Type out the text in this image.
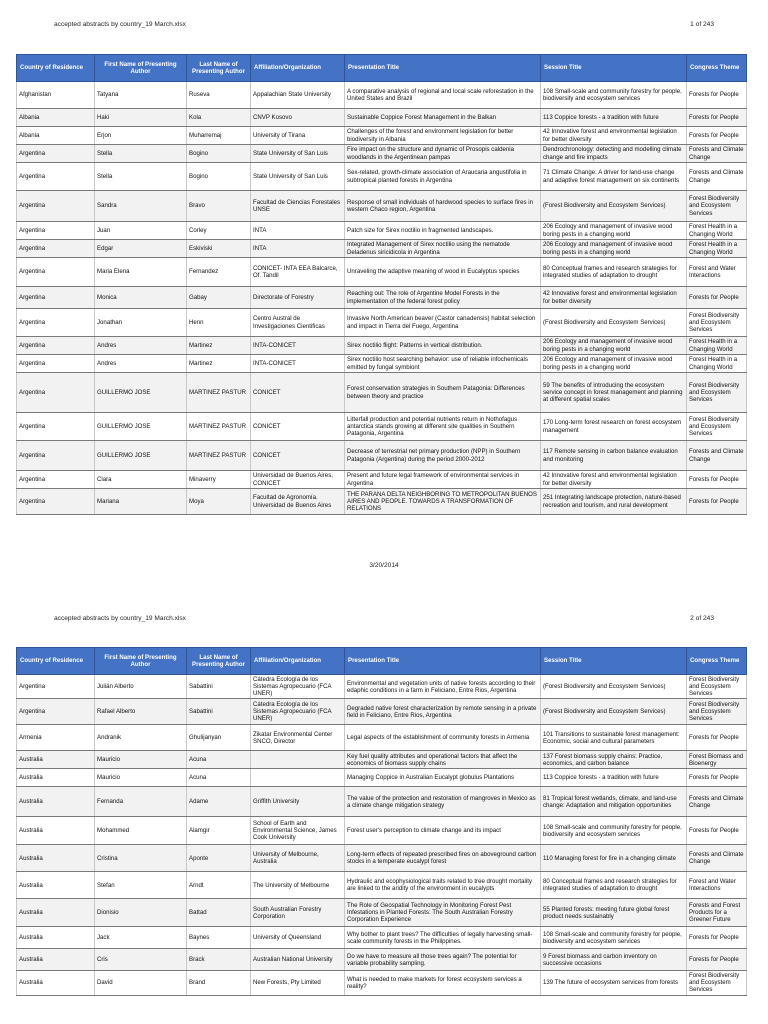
accepted abstracts by country_19 March.xlsx	1 of 243
Country of Residence	First Name of Presenting Author	Last Name of Presenting Author	Affiliation/Organization	Presentation Title	Session Title	Congress Theme
Afghanistan	Tatyana	Ruseva	Appalachian State University	A comparative analysis of regional and local scale reforestation in the United States and Brazil	108 Small-scale and community forestry for people, biodiversity and ecosystem services	Forests for People
Albania	Haki	Kola	CNVP Kosovo	Sustainable Coppice Forest Management in the Balkan	113 Coppice forests - a tradition with future	Forests for People
Albania	Erjon	Muharremaj	University of Tirana	Challenges of the forest and environment legislation for better biodiversity in Albania	42 Innovative forest and environmental legislation for better diversity	Forests for People
Argentina	Stella	Bogino	State University of San Luis	Fire impact on the structure and dynamic of Prosopis caldenia woodlands in the Argentinean pampas	Dendrochronology: detecting and modelling climate change and fire impacts	Forests and Climate Change
Argentina	Stella	Bogino	State University of San Luis	Sex-related, growth-climate association of Araucaria angustifolia in subtropical planted forests in Argentina	71 Climate Change: A driver for land-use change and adaptive forest management on six continents	Forests and Climate Change
Argentina	Sandra	Bravo	Facultad de Ciencias Forestales UNSE	Response of small individuals of hardwood species to surface fires in western Chaco region, Argentina	(Forest Biodiversity and Ecosystem Services)	Forest Biodiversity and Ecosystem Services
Argentina	Juan	Corley	INTA	Patch size for Sirex noctilio in fragmented landscapes.	206 Ecology and management of invasive wood boring pests in a changing world	Forest Health in a Changing World
Argentina	Edgar	Eskiviski	INTA	Integrated Management of Sirex noctilio using the nematode Deladenus siricidicola in Argentina	206 Ecology and management of invasive wood boring pests in a changing world	Forest Health in a Changing World
Argentina	Maria Elena	Fernandez	CONICET- INTA EEA Balcarce, Of. Tandil	Unraveling the adaptive meaning of wood in Eucalyptus species	80 Conceptual frames and research strategies for integrated studies of adaptation to drought	Forest and Water Interactions
Argentina	Monica	Gabay	Directorate of Forestry	Reaching out: The role of Argentine Model Forests in the implementation of the federal forest policy	42 Innovative forest and environmental legislation for better diversity	Forests for People
Argentina	Jonathan	Henn	Centro Austral de Investigaciones Cientificas	Invasive North American beaver (Castor canadensis) habitat selection and impact in Tierra del Fuego, Argentina	(Forest Biodiversity and Ecosystem Services)	Forest Biodiversity and Ecosystem Services
Argentina	Andres	Martinez	INTA-CONICET	Sirex noctilio flight: Patterns in vertical distribution.	206 Ecology and management of invasive wood boring pests in a changing world	Forest Health in a Changing World
Argentina	Andres	Martinez	INTA-CONICET	Sirex noctilio host searching behavior: use of reliable infochemicals emitted by fungal symbiont	206 Ecology and management of invasive wood boring pests in a changing world	Forest Health in a Changing World
Argentina	GUILLERMO JOSE	MARTINEZ PASTUR	CONICET	Forest conservation strategies in Southern Patagonia: Differences between theory and practice	59 The benefits of introducing the ecosystem service concept in forest management and planning at different spatial scales	Forest Biodiversity and Ecosystem Services
Argentina	GUILLERMO JOSE	MARTINEZ PASTUR	CONICET	Litterfall production and potential nutrients return in Nothofagus antarctica stands growing at different site qualities in Southern Patagonia, Argentina	170 Long-term forest research on forest ecosystem management	Forest Biodiversity and Ecosystem Services
Argentina	GUILLERMO JOSE	MARTINEZ PASTUR	CONICET	Decrease of terrestrial net primary production (NPP) in Southern Patagonia (Argentina) during the period 2000-2012	117 Remote sensing in carbon balance evaluation and monitoring	Forests and Climate Change
Argentina	Clara	Minaverry	Universidad de Buenos Aires, CONICET	Present and future legal framework of environmental services in Argentina	42 Innovative forest and environmental legislation for better diversity	Forests for People
Argentina	Mariana	Moya	Facultad de Agronomía. Universidad de Buenos Aires	THE PARANA DELTA NEIGHBORING TO METROPOLITAN BUENOS AIRES AND PEOPLE. TOWARDS A TRANSFORMATION OF RELATIONS	251 Integrating landscape protection, nature-based recreation and tourism, and rural development	Forests for People
3/20/2014
accepted abstracts by country_19 March.xlsx	2 of 243
Country of Residence	First Name of Presenting Author	Last Name of Presenting Author	Affiliation/Organization	Presentation Title	Session Title	Congress Theme
Argentina	Julián Alberto	Sabattini	Cátedra Ecología de los Sistemas Agropecuario (FCA UNER)	Environmental and vegetation units of native forests according to their edaphic conditions in a farm in Feliciano, Entre Rios, Argentina	(Forest Biodiversity and Ecosystem Services)	Forest Biodiversity and Ecosystem Services
Argentina	Rafael Alberto	Sabattini	Cátedra Ecología de los Sistemas Agropecuario (FCA UNER)	Degraded native forest characterization by remote sensing in a private field in Feliciano, Entre Rios, Argentina	(Forest Biodiversity and Ecosystem Services)	Forest Biodiversity and Ecosystem Services
Armenia	Andranik	Ghulijanyan	Zikatar Environmental Center SNCO, Director	Legal aspects of the establishment of community forests in Armenia	101 Transitions to sustainable forest management: Economic, social and cultural parameters	Forests for People
Australia	Mauricio	Acuna		Key fuel quality attributes and operational factors that affect the economics of biomass supply chains	137 Forest biomass supply chains: Practice, economics, and carbon balance	Forest Biomass and Bioenergy
Australia	Mauricio	Acuna		Managing Coppice in Australian Eucalypt globulus Plantations	113 Coppice forests - a tradition with future	Forests for People
Australia	Fernanda	Adame	Griffith University	The value of the protection and restoration of mangroves in Mexico as a climate change mitigation strategy	81 Tropical forest wetlands, climate, and land-use change: Adaptation and mitigation opportunities	Forests and Climate Change
Australia	Mohammed	Alamgir	School of Earth and Environmental Science, James Cook University	Forest user's perception to climate change and its impact	108 Small-scale and community forestry for people, biodiversity and ecosystem services	Forests for People
Australia	Cristina	Aponte	University of Melbourne, Australia	Long-term effects of repeated prescribed fires on aboveground carbon stocks in a temperate eucalypt forest	110 Managing forest for fire in a changing climate	Forests and Climate Change
Australia	Stefan	Arndt	The University of Melbourne	Hydraulic and ecophysiological traits related to tree drought mortality are linked to the aridity of the environment in eucalypts	80 Conceptual frames and research strategies for integrated studies of adaptation to drought	Forest and Water Interactions
Australia	Dionisio	Battad	South Australian Forestry Corporation	The Role of Geospatial Technology in Monitoring Forest Pest Infestations in Planted Forests: The South Australian Forestry Corporation Experience	55 Planted forests: meeting future global forest product needs sustainably	Forests and Forest Products for a Greener Future
Australia	Jack	Baynes	University of Queensland	Why bother to plant trees? The difficulties of legally harvesting small-scale community forests in the Philippines.	108 Small-scale and community forestry for people, biodiversity and ecosystem services	Forests for People
Australia	Cris	Brack	Australian National University	Do we have to measure all those trees again? The potential for variable probability sampling.	9 Forest biomass and carbon inventory on successive occasions	Forests for People
Australia	David	Brand	New Forests, Pty Limited	What is needed to make markets for forest ecosystem services a reality?	139 The future of ecosystem services from forests	Forest Biodiversity and Ecosystem Services
